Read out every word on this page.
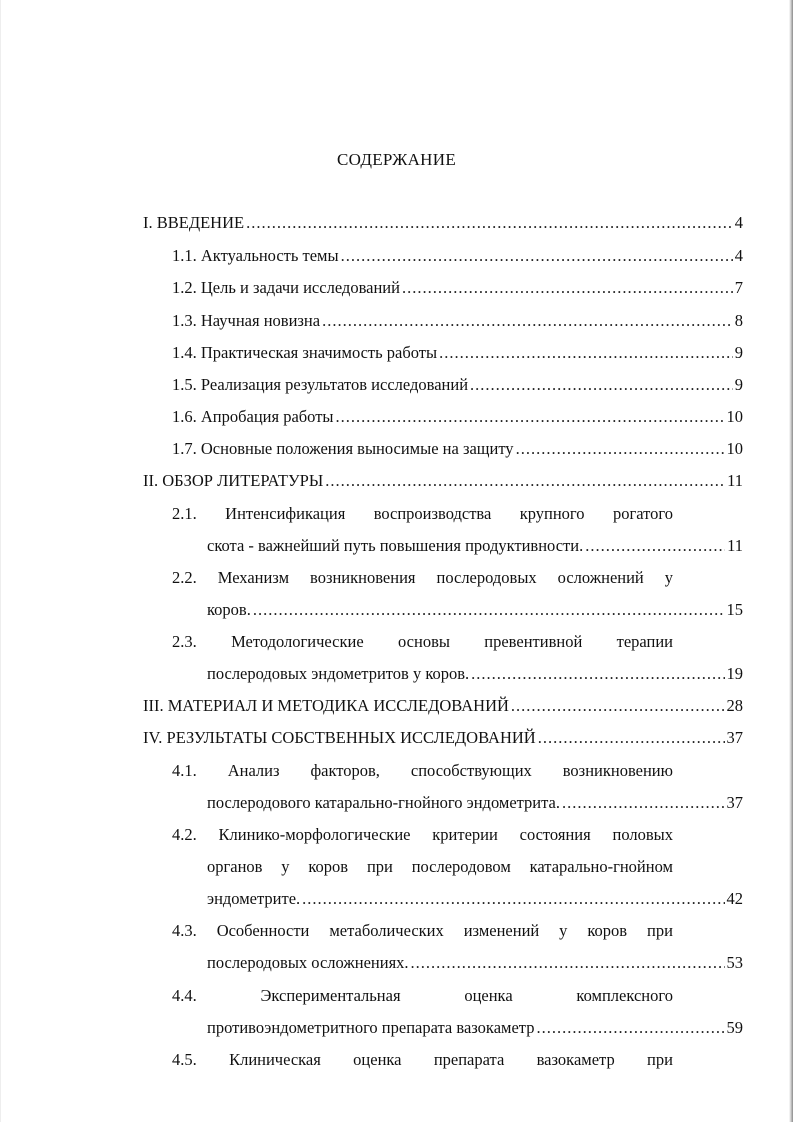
СОДЕРЖАНИЕ
I. ВВЕДЕНИЕ .....	4
1.1. Актуальность темы .....	4
1.2. Цель и задачи исследований .....	7
1.3. Научная новизна .....	8
1.4. Практическая значимость работы .....	9
1.5. Реализация результатов исследований .....	9
1.6. Апробация работы .....	10
1.7. Основные положения выносимые на защиту .....	10
II. ОБЗОР ЛИТЕРАТУРЫ .....	11
2.1. Интенсификация воспроизводства крупного рогатого
скота - важнейший путь повышения продуктивности. .....	11
2.2. Механизм возникновения послеродовых осложнений у
коров. .....	15
2.3. Методологические основы превентивной терапии
послеродовых эндометритов у коров. .....	19
III. МАТЕРИАЛ И МЕТОДИКА ИССЛЕДОВАНИЙ .....	28
IV. РЕЗУЛЬТАТЫ СОБСТВЕННЫХ ИССЛЕДОВАНИЙ .....	37
4.1. Анализ факторов, способствующих возникновению
послеродового катарально-гнойного эндометрита. .....	37
4.2. Клинико-морфологические критерии состояния половых
органов у коров при послеродовом катарально-гнойном
эндометрите. .....	42
4.3. Особенности метаболических изменений у коров при
послеродовых осложнениях. .....	53
4.4.	Экспериментальная	оценка	комплексного
противоэндометритного препарата вазокаметр .....	59
4.5. Клиническая оценка препарата вазокаметр при
